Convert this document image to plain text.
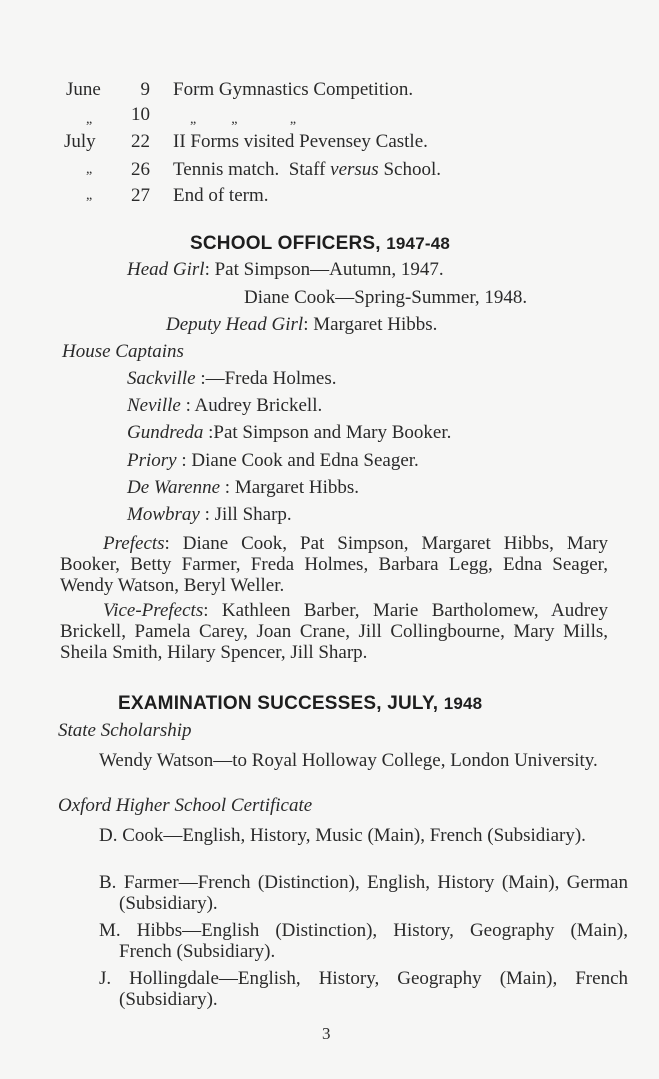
June	9 Form Gymnastics Competition.
„	10	„          „               „
July	22 II Forms visited Pevensey Castle.
„	26 Tennis match.  Staff versus School.
„	27 End of term.
SCHOOL OFFICERS, 1947-48
Head Girl: Pat Simpson—Autumn, 1947.
Diane Cook—Spring-Summer, 1948.
Deputy Head Girl: Margaret Hibbs.
House Captains
Sackville :—Freda Holmes.
Neville : Audrey Brickell.
Gundreda :Pat Simpson and Mary Booker.
Priory : Diane Cook and Edna Seager.
De Warenne : Margaret Hibbs.
Mowbray : Jill Sharp.
Prefects: Diane Cook, Pat Simpson, Margaret Hibbs, Mary Booker, Betty Farmer, Freda Holmes, Barbara Legg, Edna Seager, Wendy Watson, Beryl Weller.
Vice-Prefects: Kathleen Barber, Marie Bartholomew, Audrey Brickell, Pamela Carey, Joan Crane, Jill Collingbourne, Mary Mills, Sheila Smith, Hilary Spencer, Jill Sharp.
EXAMINATION SUCCESSES, JULY, 1948
State Scholarship
Wendy Watson—to Royal Holloway College, London University.
Oxford Higher School Certificate
D. Cook—English, History, Music (Main), French (Subsidiary).
B. Farmer—French (Distinction), English, History (Main), German (Subsidiary).
M. Hibbs—English (Distinction), History, Geography (Main), French (Subsidiary).
J. Hollingdale—English, History, Geography (Main), French (Subsidiary).
3
